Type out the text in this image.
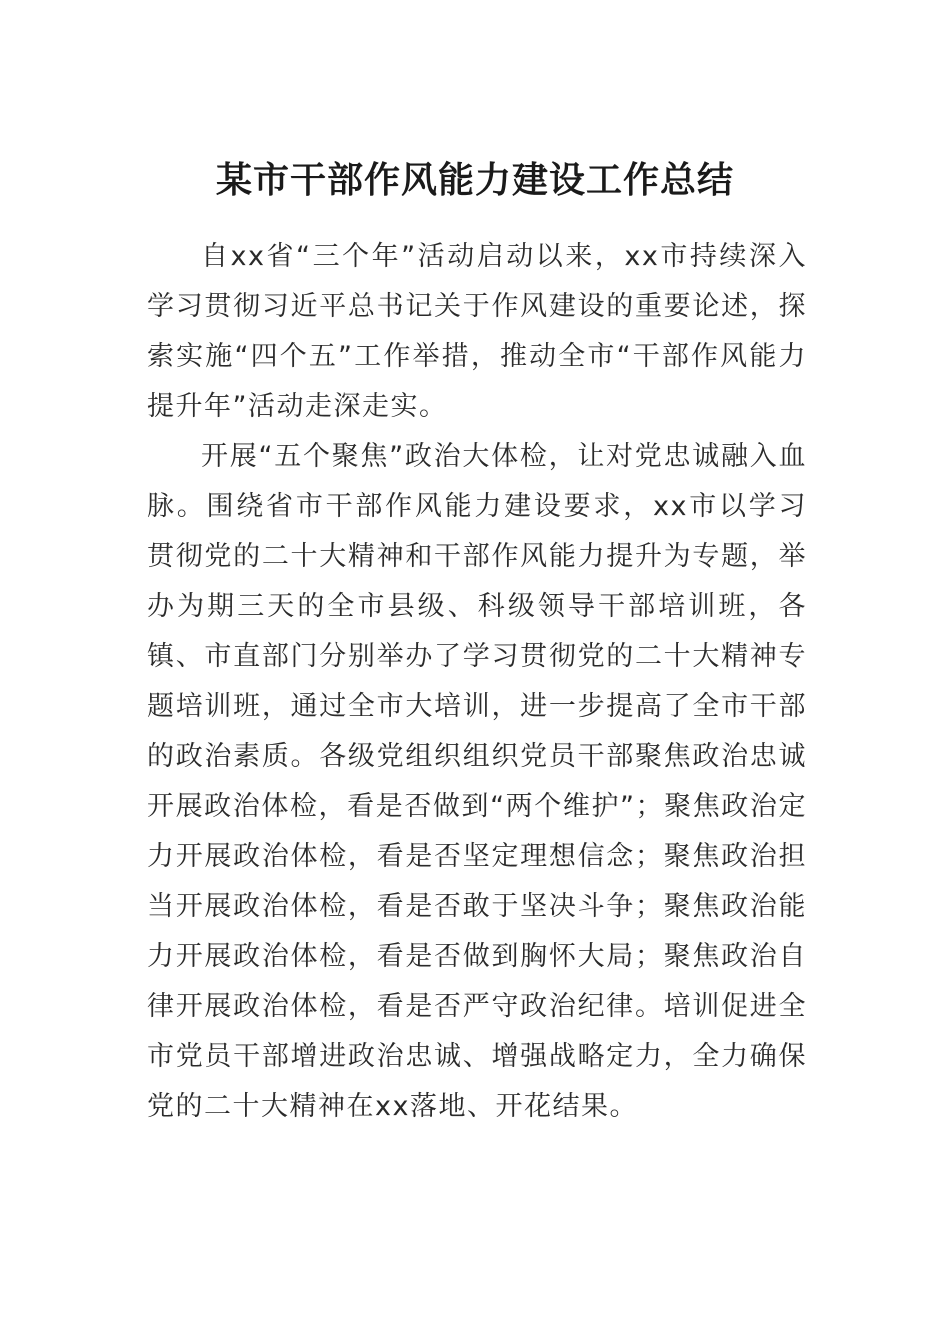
某市干部作风能力建设工作总结

自xx省“三个年”活动启动以来，xx市持续深入学习贯彻习近平总书记关于作风建设的重要论述，探索实施“四个五”工作举措，推动全市“干部作风能力提升年”活动走深走实。

开展“五个聚焦”政治大体检，让对党忠诚融入血脉。围绕省市干部作风能力建设要求，xx市以学习贯彻党的二十大精神和干部作风能力提升为专题，举办为期三天的全市县级、科级领导干部培训班，各镇、市直部门分别举办了学习贯彻党的二十大精神专题培训班，通过全市大培训，进一步提高了全市干部的政治素质。各级党组织组织党员干部聚焦政治忠诚开展政治体检，看是否做到“两个维护”；聚焦政治定力开展政治体检，看是否坚定理想信念；聚焦政治担当开展政治体检，看是否敢于坚决斗争；聚焦政治能力开展政治体检，看是否做到胸怀大局；聚焦政治自律开展政治体检，看是否严守政治纪律。培训促进全市党员干部增进政治忠诚、增强战略定力，全力确保党的二十大精神在xx落地、开花结果。
